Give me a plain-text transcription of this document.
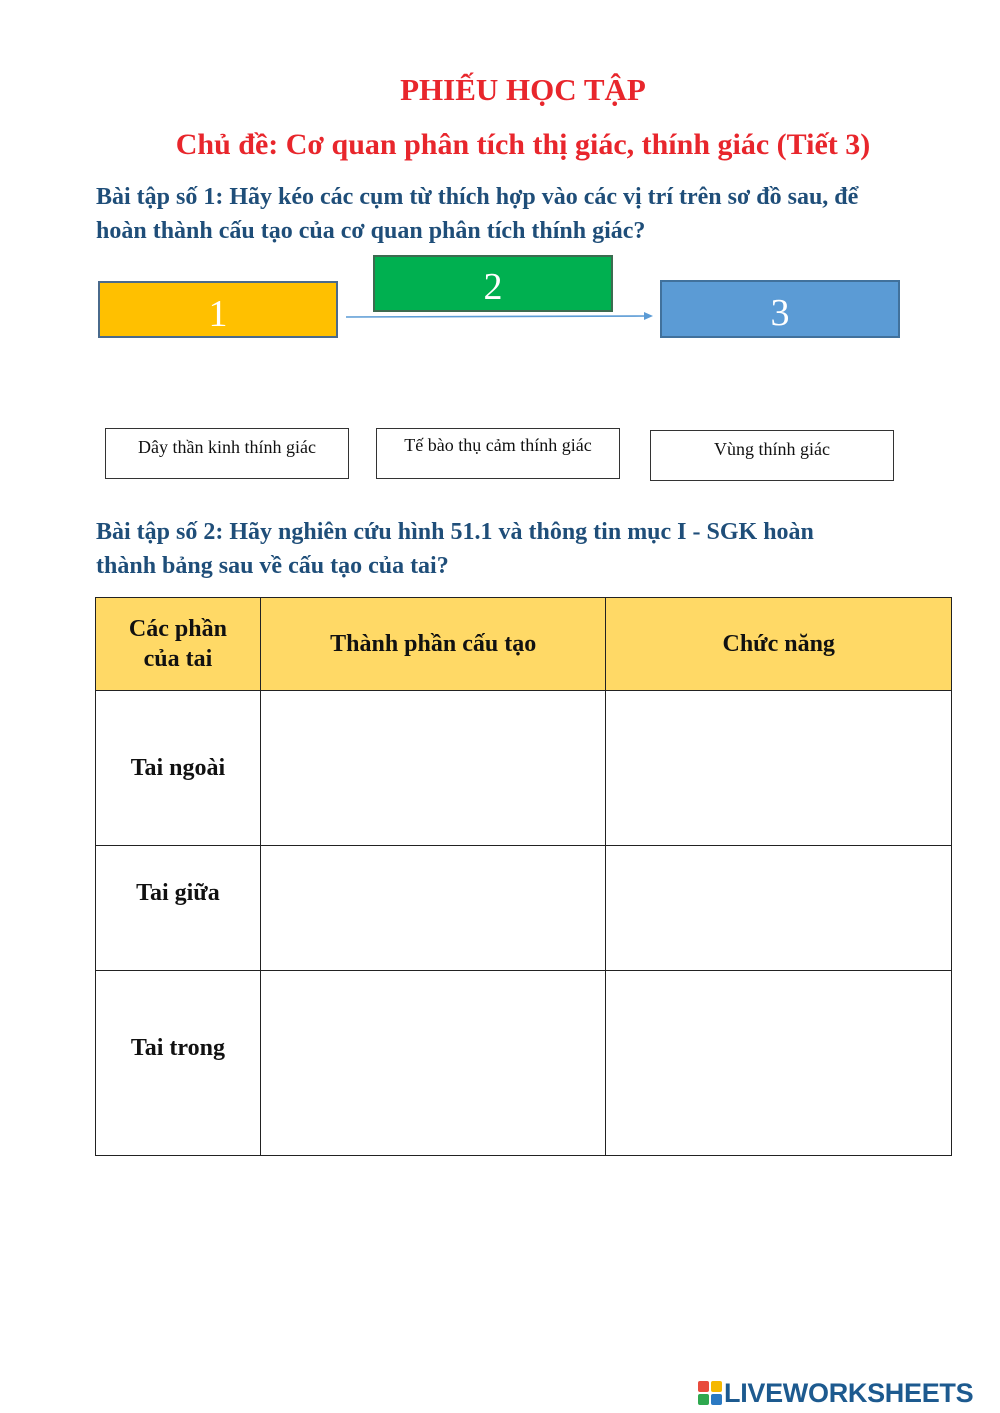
PHIẾU HỌC TẬP
Chủ đề: Cơ quan phân tích thị giác, thính giác (Tiết 3)
Bài tập số 1: Hãy kéo các cụm từ thích hợp vào các vị trí trên sơ đồ sau, để
hoàn thành cấu tạo của cơ quan phân tích thính giác?
1
2
3
Dây thần kinh thính giác	Tế bào thụ cảm thính giác	Vùng thính giác
Bài tập số 2: Hãy nghiên cứu hình 51.1 và thông tin mục I - SGK hoàn
thành bảng sau về cấu tạo của tai?
Các phần của tai	Thành phần cấu tạo	Chức năng
Tai ngoài		
Tai giữa		
Tai trong		
LIVEWORKSHEETS
